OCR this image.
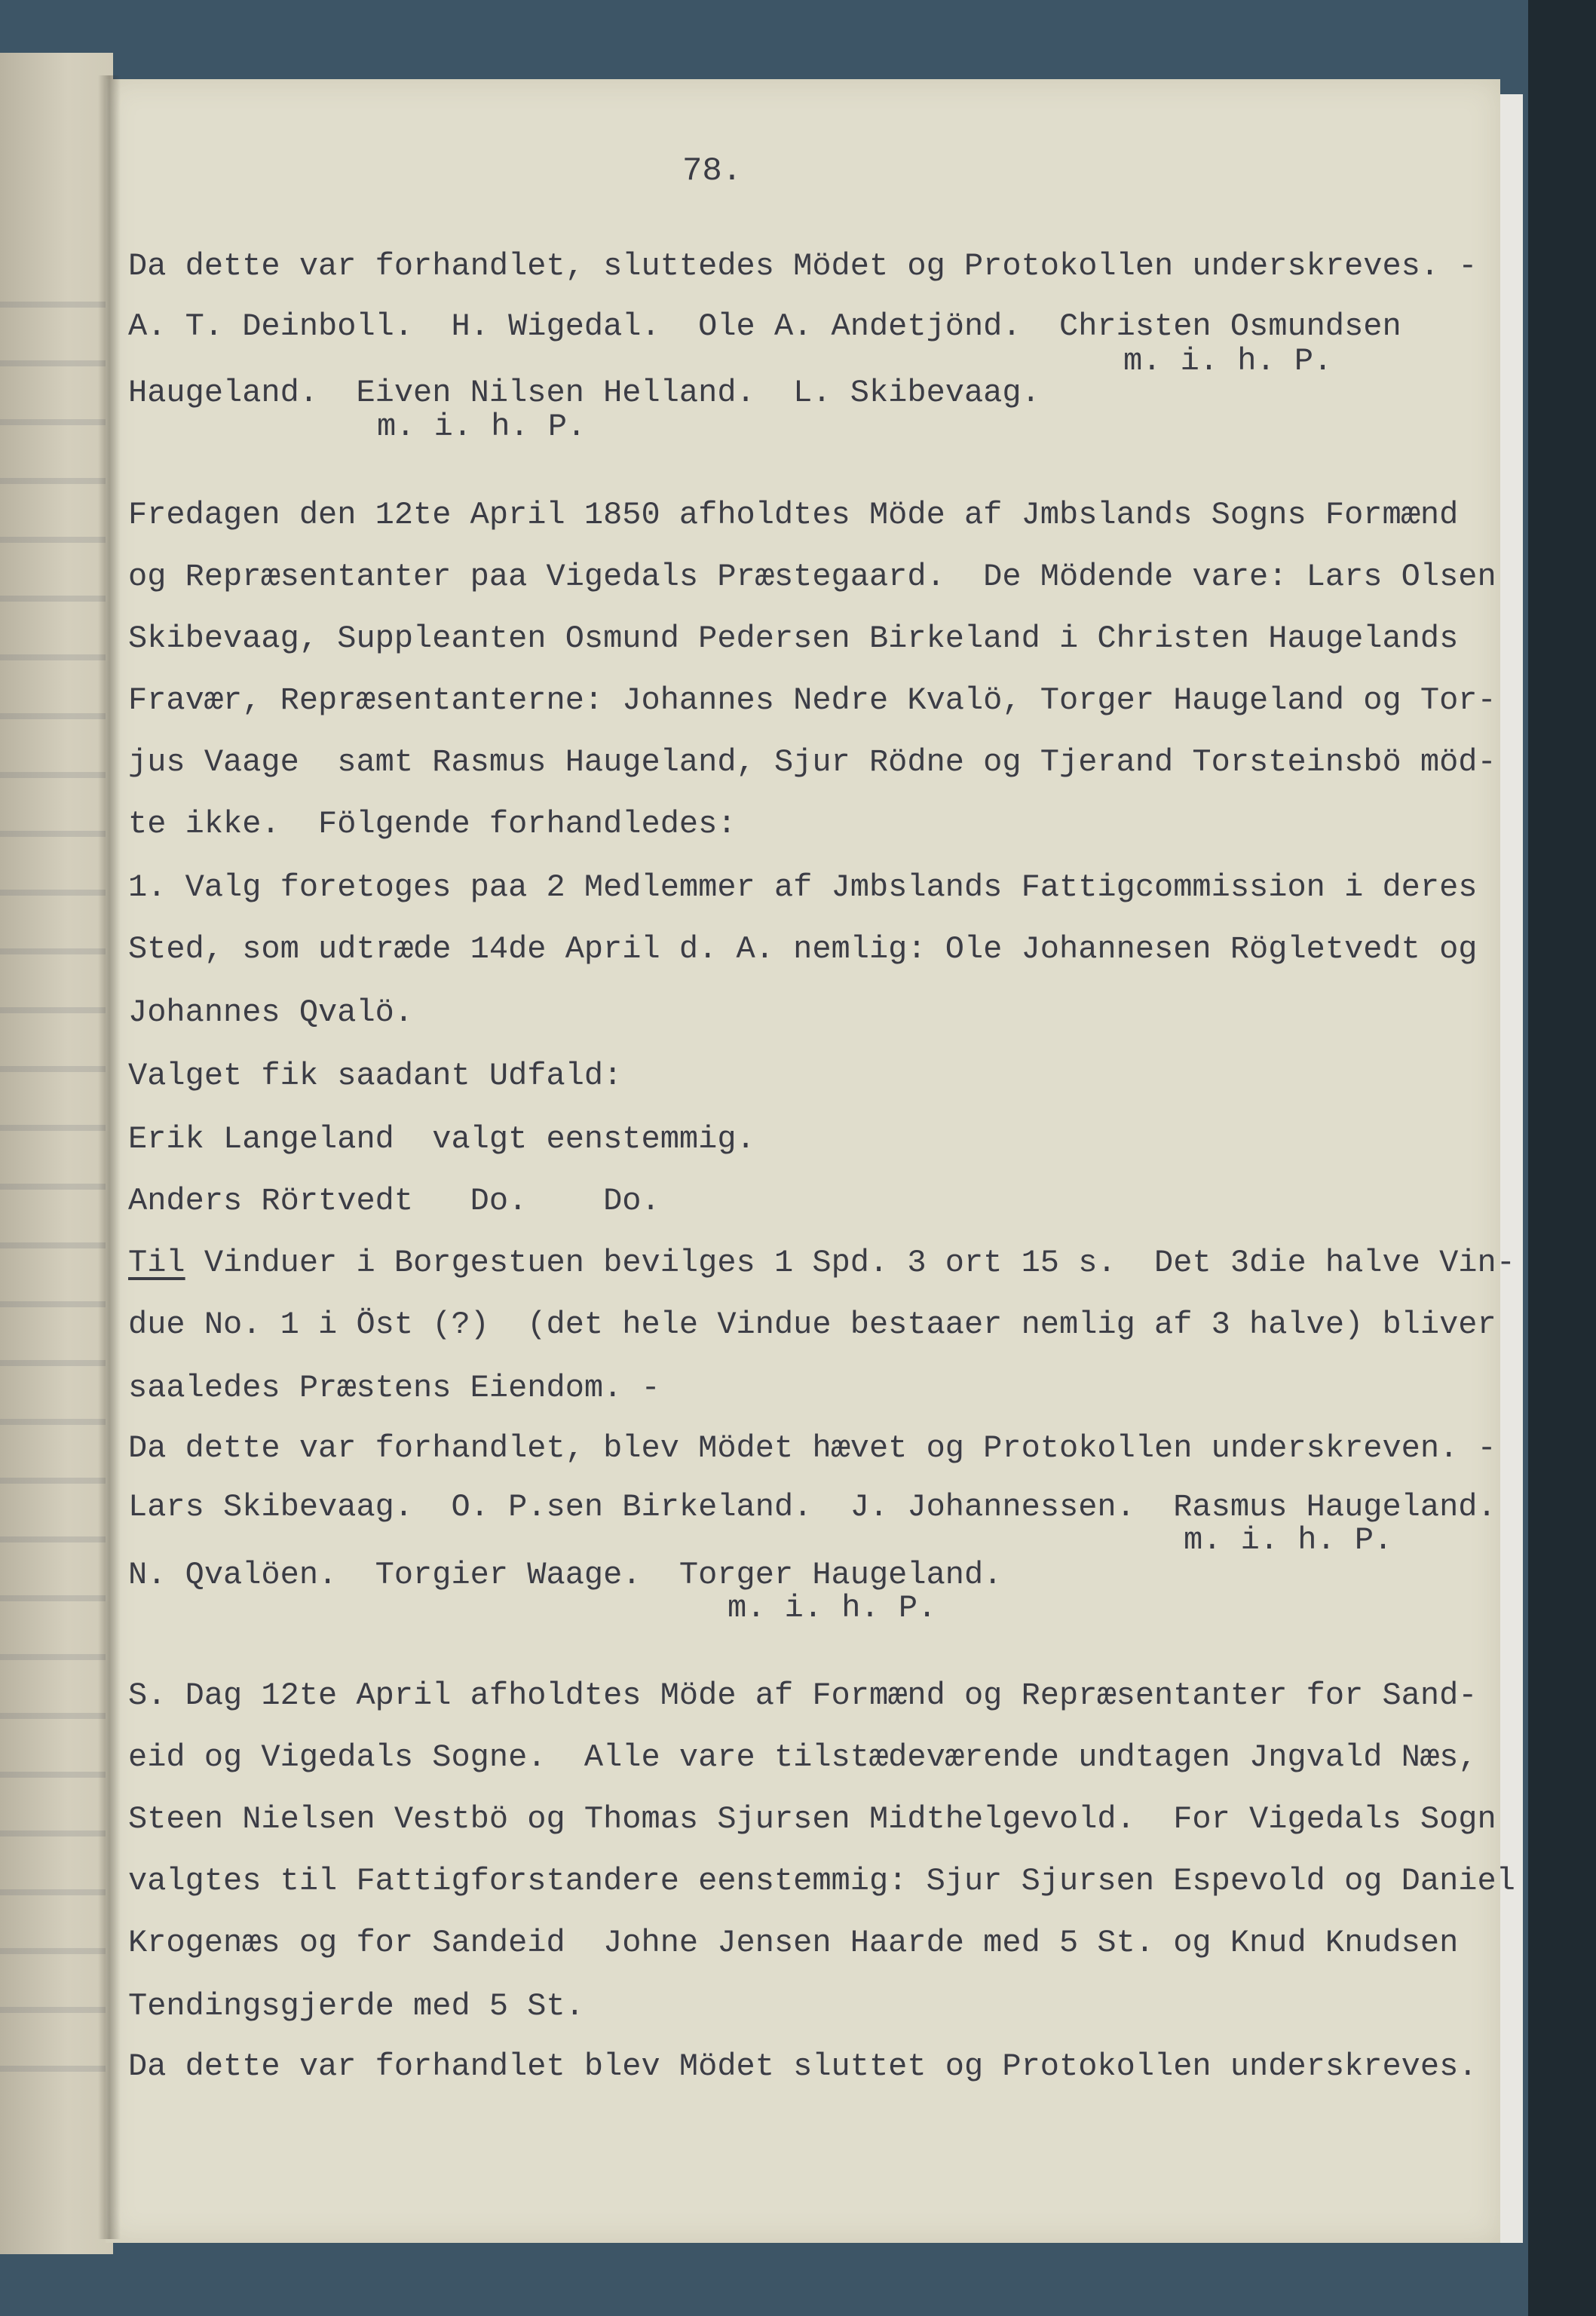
78.
Da dette var forhandlet, sluttedes Mödet og Protokollen underskreves. -
A. T. Deinboll.  H. Wigedal.  Ole A. Andetjönd.  Christen Osmundsen
m. i. h. P.
Haugeland.  Eiven Nilsen Helland.  L. Skibevaag.
m. i. h. P.
Fredagen den 12te April 1850 afholdtes Möde af Jmbslands Sogns Formænd
og Repræsentanter paa Vigedals Præstegaard.  De Mödende vare: Lars Olsen
Skibevaag, Suppleanten Osmund Pedersen Birkeland i Christen Haugelands
Fravær, Repræsentanterne: Johannes Nedre Kvalö, Torger Haugeland og Tor-
jus Vaage  samt Rasmus Haugeland, Sjur Rödne og Tjerand Torsteinsbö möd-
te ikke.  Fölgende forhandledes:
1. Valg foretoges paa 2 Medlemmer af Jmbslands Fattigcommission i deres
Sted, som udtræde 14de April d. A. nemlig: Ole Johannesen Rögletvedt og
Johannes Qvalö.
Valget fik saadant Udfald:
Erik Langeland  valgt eenstemmig.
Anders Rörtvedt   Do.    Do.
Til Vinduer i Borgestuen bevilges 1 Spd. 3 ort 15 s.  Det 3die halve Vin-
due No. 1 i Öst (?)  (det hele Vindue bestaaer nemlig af 3 halve) bliver
saaledes Præstens Eiendom. -
Da dette var forhandlet, blev Mödet hævet og Protokollen underskreven. -
Lars Skibevaag.  O. P.sen Birkeland.  J. Johannessen.  Rasmus Haugeland.
m. i. h. P.
N. Qvalöen.  Torgier Waage.  Torger Haugeland.
m. i. h. P.
S. Dag 12te April afholdtes Möde af Formænd og Repræsentanter for Sand-
eid og Vigedals Sogne.  Alle vare tilstædeværende undtagen Jngvald Næs,
Steen Nielsen Vestbö og Thomas Sjursen Midthelgevold.  For Vigedals Sogn
valgtes til Fattigforstandere eenstemmig: Sjur Sjursen Espevold og Daniel
Krogenæs og for Sandeid  Johne Jensen Haarde med 5 St. og Knud Knudsen
Tendingsgjerde med 5 St.
Da dette var forhandlet blev Mödet sluttet og Protokollen underskreves.
